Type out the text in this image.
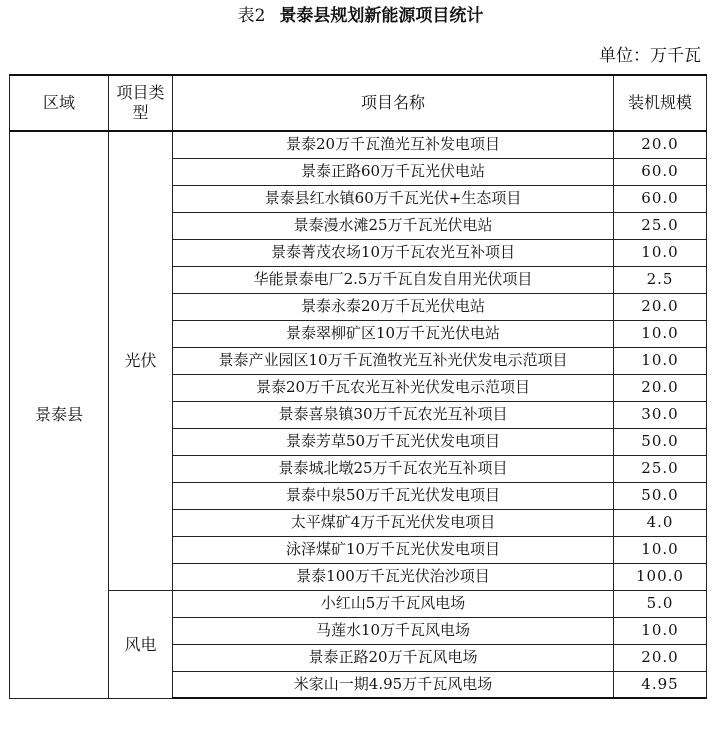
表2 景泰县规划新能源项目统计
单位：万千瓦
区域	项目类型	项目名称	装机规模
景泰县	光伏	景泰20万千瓦渔光互补发电项目	20.0
		景泰正路60万千瓦光伏电站	60.0
		景泰县红水镇60万千瓦光伏+生态项目	60.0
		景泰漫水滩25万千瓦光伏电站	25.0
		景泰菁茂农场10万千瓦农光互补项目	10.0
		华能景泰电厂2.5万千瓦自发自用光伏项目	2.5
		景泰永泰20万千瓦光伏电站	20.0
		景泰翠柳矿区10万千瓦光伏电站	10.0
		景泰产业园区10万千瓦渔牧光互补光伏发电示范项目	10.0
		景泰20万千瓦农光互补光伏发电示范项目	20.0
		景泰喜泉镇30万千瓦农光互补项目	30.0
		景泰芳草50万千瓦光伏发电项目	50.0
		景泰城北墩25万千瓦农光互补项目	25.0
		景泰中泉50万千瓦光伏发电项目	50.0
		太平煤矿4万千瓦光伏发电项目	4.0
		泳泽煤矿10万千瓦光伏发电项目	10.0
		景泰100万千瓦光伏治沙项目	100.0
	风电	小红山5万千瓦风电场	5.0
		马莲水10万千瓦风电场	10.0
		景泰正路20万千瓦风电场	20.0
		米家山一期4.95万千瓦风电场	4.95
